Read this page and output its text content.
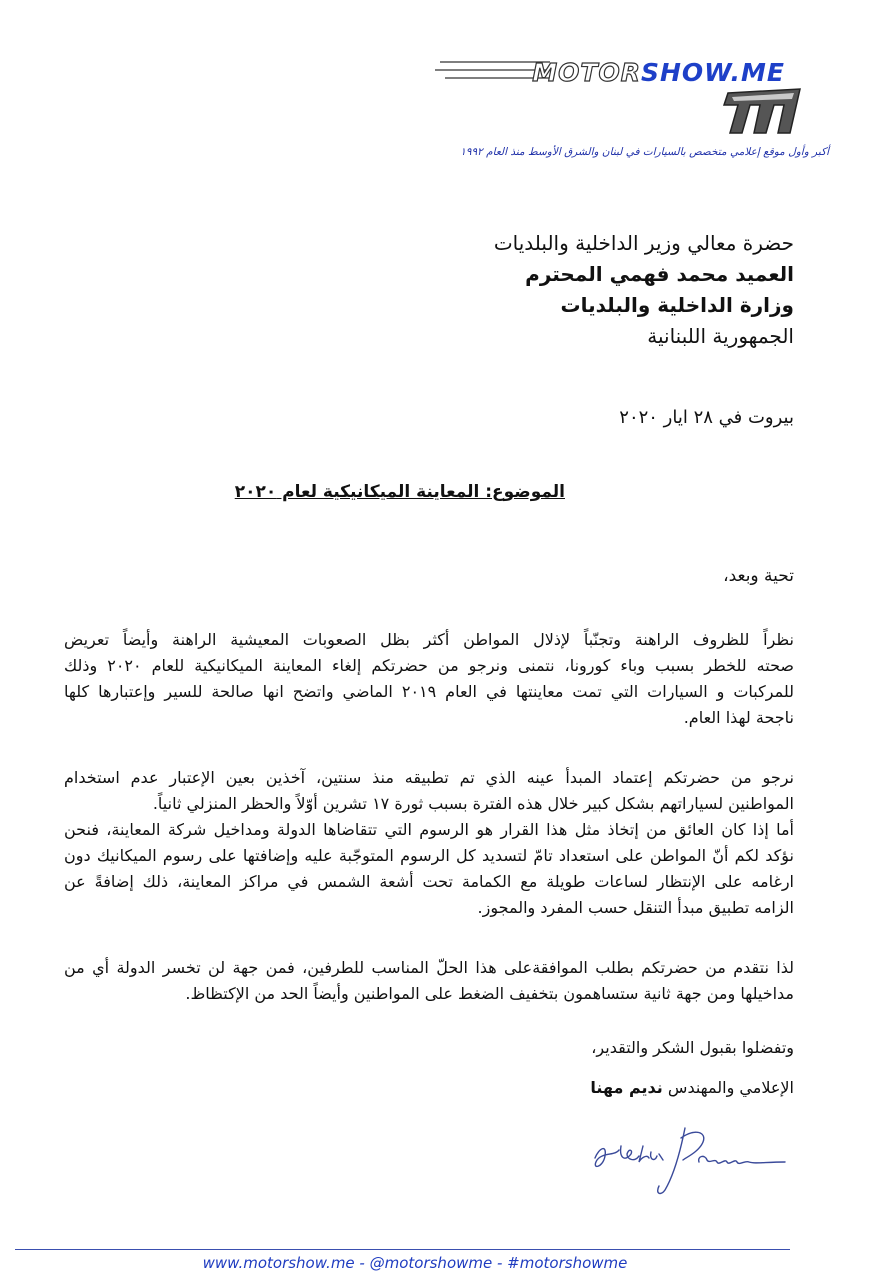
MOTORSHOW.ME
أكبر وأول موقع إعلامي متخصص بالسيارات في لبنان والشرق الأوسط منذ العام ١٩٩٢
حضرة معالي وزير الداخلية والبلديات
العميد محمد فهمي المحترم
وزارة الداخلية والبلديات
الجمهورية اللبنانية
بيروت في ٢٨ ايار ٢٠٢٠
الموضوع: المعاينة الميكانيكية لعام ٢٠٢٠
تحية وبعد،
نظراً للظروف الراهنة وتجنّباً لإذلال المواطن أكثر بظل الصعوبات المعيشية الراهنة وأيضاً تعريض
صحته للخطر بسبب وباء كورونا، نتمنى ونرجو من حضرتكم إلغاء المعاينة الميكانيكية للعام ٢٠٢٠ وذلك
للمركبات و السيارات التي تمت معاينتها في العام ٢٠١٩ الماضي واتضح انها صالحة للسير وإعتبارها كلها
ناجحة لهذا العام.
نرجو من حضرتكم إعتماد المبدأ عينه الذي تم تطبيقه منذ سنتين، آخذين بعين الإعتبار عدم استخدام
المواطنين لسياراتهم بشكل كبير خلال هذه الفترة بسبب ثورة ١٧ تشرين أوّلاً والحظر المنزلي ثانياً.
أما إذا كان العائق من إتخاذ مثل هذا القرار هو الرسوم التي تتقاضاها الدولة ومداخيل شركة المعاينة، فنحن
نؤكد لكم أنّ المواطن على استعداد تامّ لتسديد كل الرسوم المتوجّبة عليه وإضافتها على رسوم الميكانيك دون
ارغامه على الإنتظار لساعات طويلة مع الكمامة تحت أشعة الشمس في مراكز المعاينة، ذلك إضافةً عن
الزامه تطبيق مبدأ التنقل حسب المفرد والمجوز.
لذا نتقدم من حضرتكم بطلب الموافقةعلى هذا الحلّ المناسب للطرفين، فمن جهة لن تخسر الدولة أي من
مداخيلها ومن جهة ثانية ستساهمون بتخفيف الضغط على المواطنين وأيضاً الحد من الإكتظاظ.
وتفضلوا بقبول الشكر والتقدير،
الإعلامي والمهندس نديم مهنا
www.motorshow.me - @motorshowme - #motorshowme
